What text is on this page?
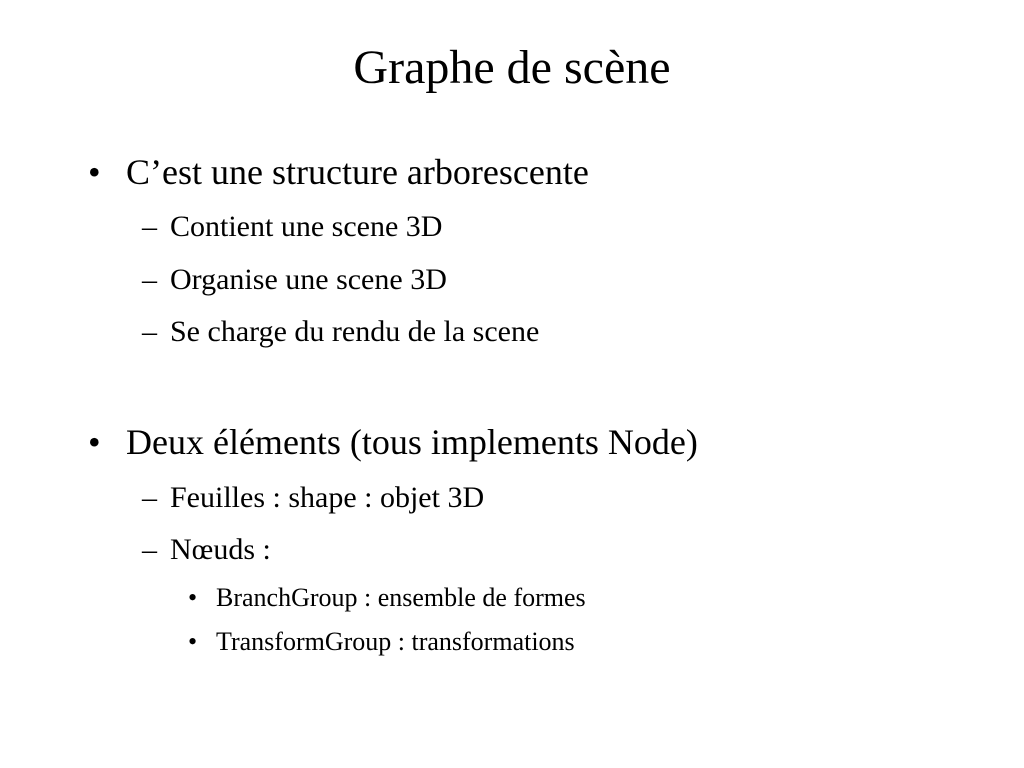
Graphe de scène
• C’est une structure arborescente
– Contient une scene 3D
– Organise une scene 3D
– Se charge du rendu de la scene
• Deux éléments (tous implements Node)
– Feuilles : shape : objet 3D
– Nœuds :
• BranchGroup : ensemble de formes
• TransformGroup : transformations
